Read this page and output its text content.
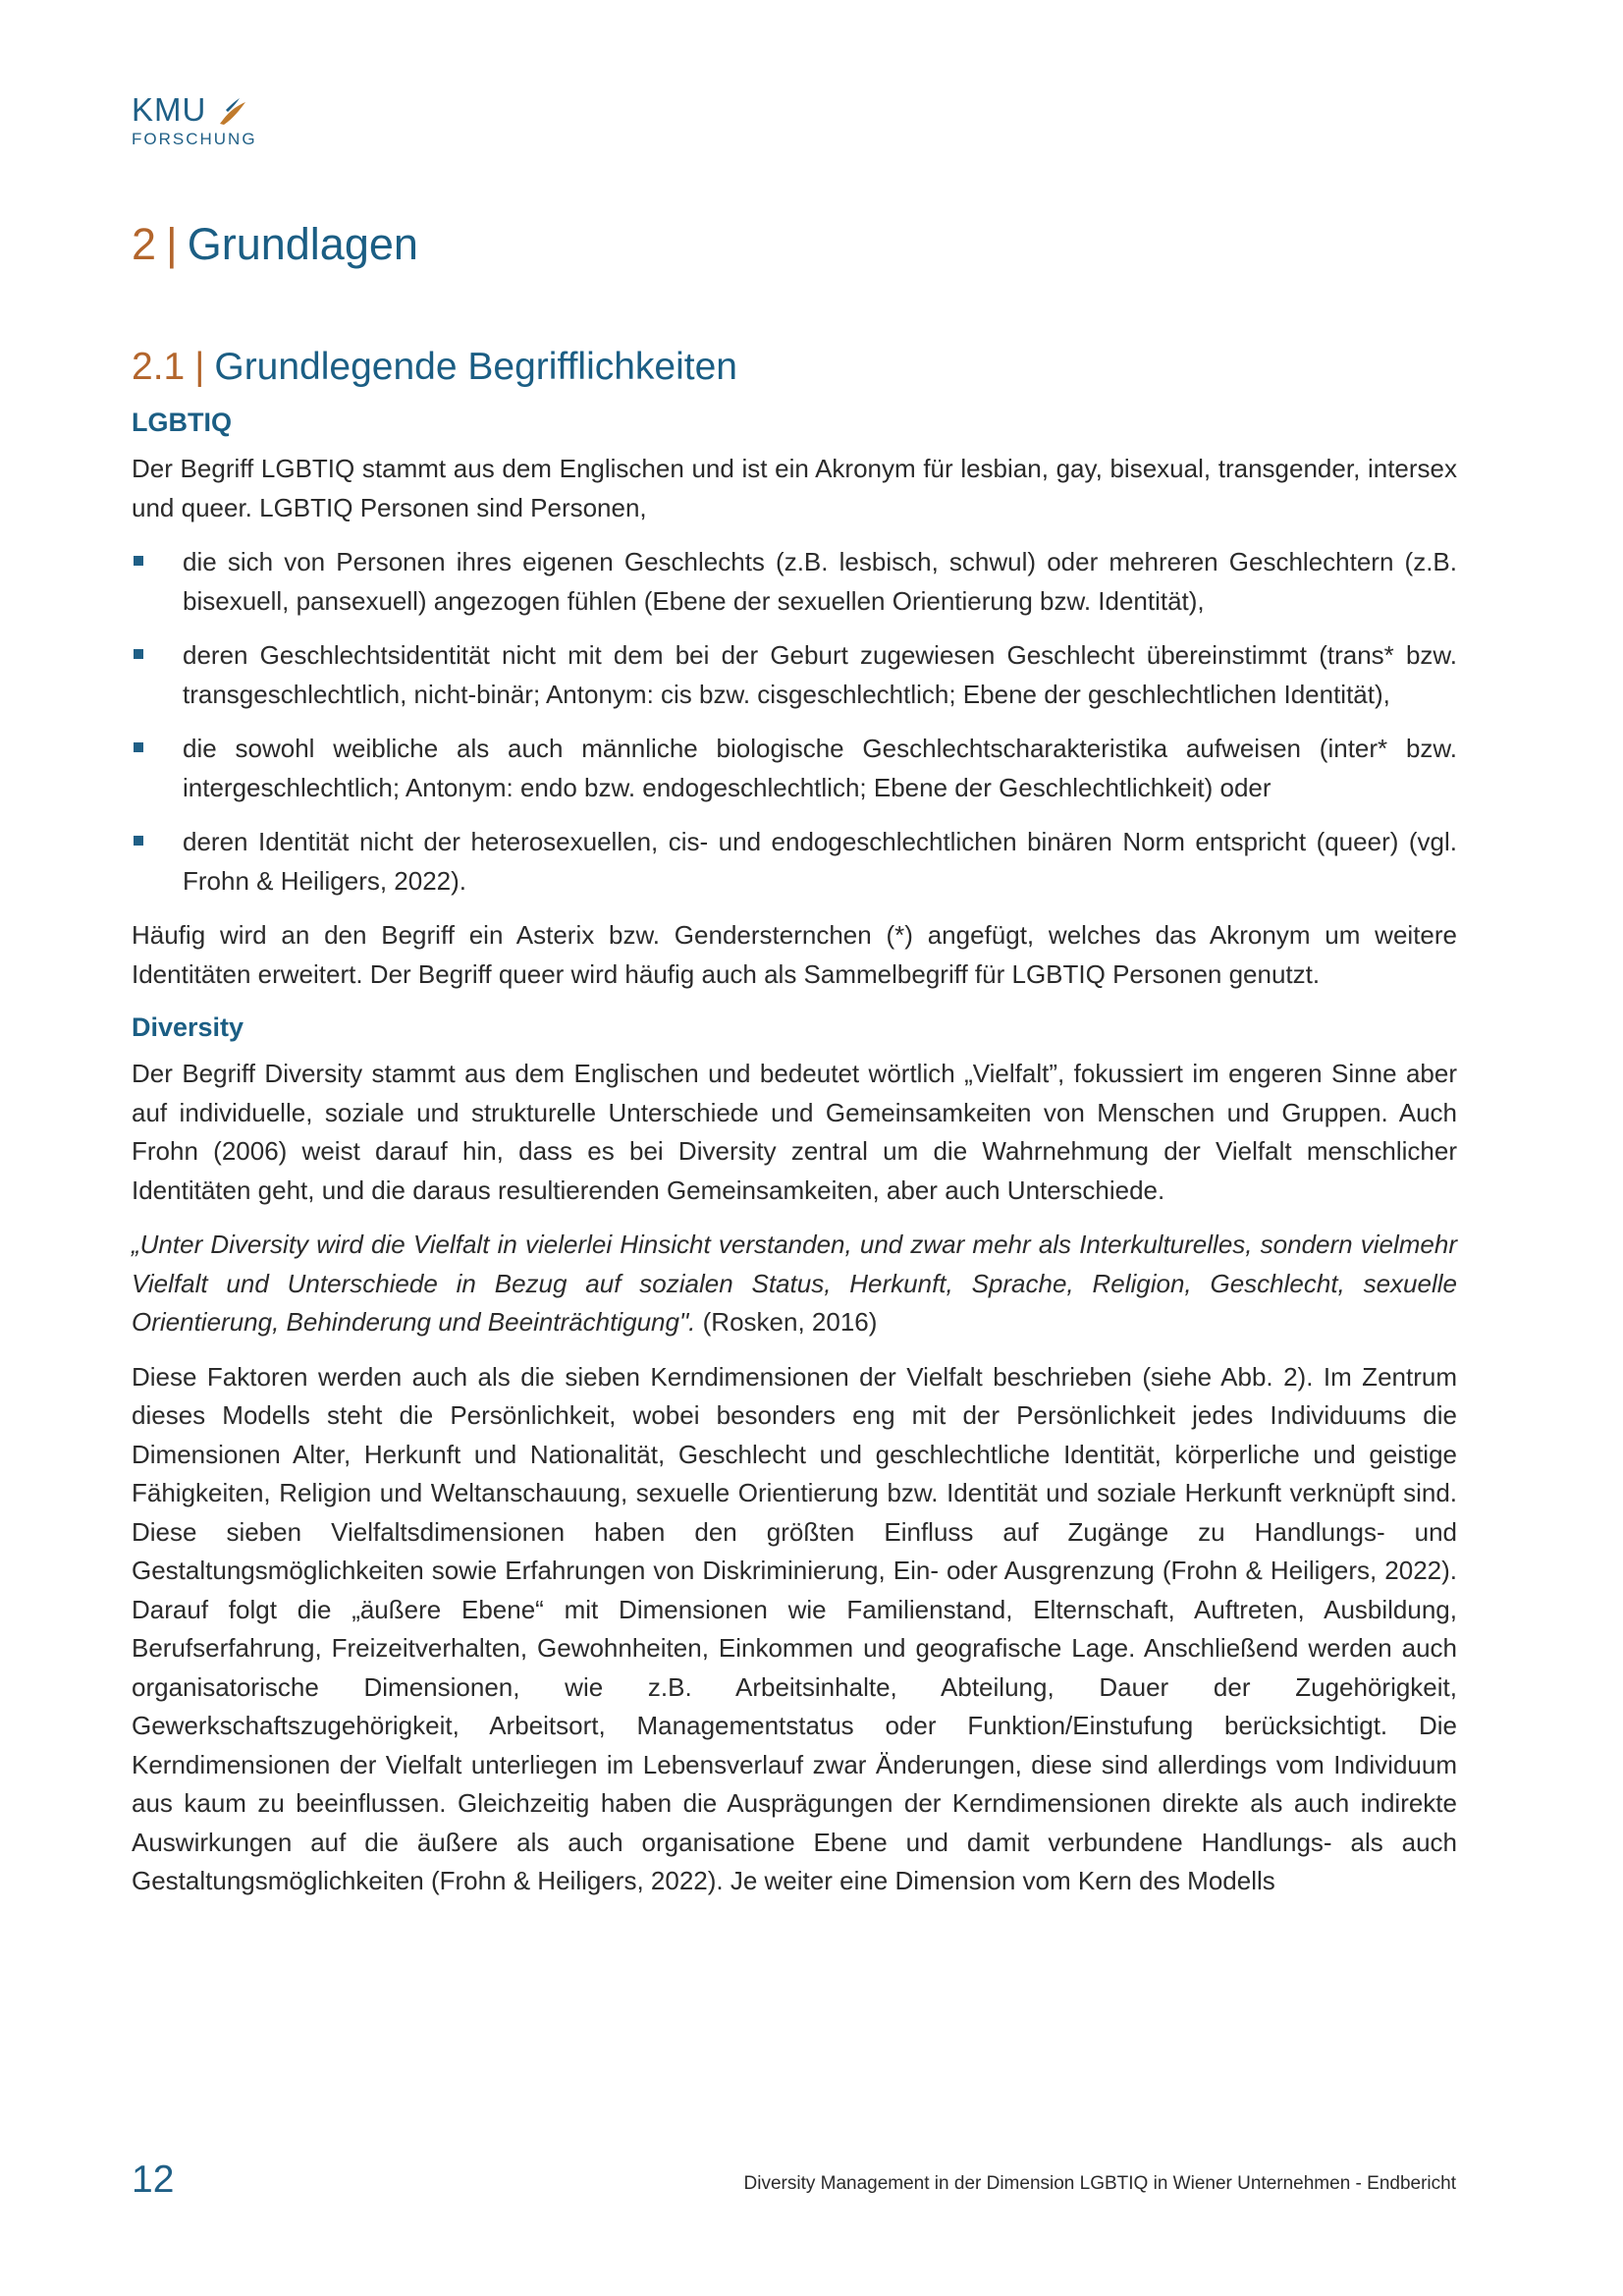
KMU
FORSCHUNG
2 | Grundlagen
2.1 | Grundlegende Begrifflichkeiten
LGBTIQ

Der Begriff LGBTIQ stammt aus dem Englischen und ist ein Akronym für lesbian, gay, bisexual, transgender, intersex und queer. LGBTIQ Personen sind Personen,

die sich von Personen ihres eigenen Geschlechts (z.B. lesbisch, schwul) oder mehreren Geschlechtern (z.B. bisexuell, pansexuell) angezogen fühlen (Ebene der sexuellen Orientierung bzw. Identität),
deren Geschlechtsidentität nicht mit dem bei der Geburt zugewiesen Geschlecht übereinstimmt (trans* bzw. transgeschlechtlich, nicht-binär; Antonym: cis bzw. cisgeschlechtlich; Ebene der geschlechtlichen Identität),
die sowohl weibliche als auch männliche biologische Geschlechtscharakteristika aufweisen (inter* bzw. intergeschlechtlich; Antonym: endo bzw. endogeschlechtlich; Ebene der Geschlechtlichkeit) oder
deren Identität nicht der heterosexuellen, cis- und endogeschlechtlichen binären Norm entspricht (queer) (vgl. Frohn & Heiligers, 2022).

Häufig wird an den Begriff ein Asterix bzw. Gendersternchen (*) angefügt, welches das Akronym um weitere Identitäten erweitert. Der Begriff queer wird häufig auch als Sammelbegriff für LGBTIQ Personen genutzt.

Diversity

Der Begriff Diversity stammt aus dem Englischen und bedeutet wörtlich „Vielfalt”, fokussiert im engeren Sinne aber auf individuelle, soziale und strukturelle Unterschiede und Gemeinsamkeiten von Menschen und Gruppen. Auch Frohn (2006) weist darauf hin, dass es bei Diversity zentral um die Wahrnehmung der Vielfalt menschlicher Identitäten geht, und die daraus resultierenden Gemeinsamkeiten, aber auch Unterschiede.

„Unter Diversity wird die Vielfalt in vielerlei Hinsicht verstanden, und zwar mehr als Interkulturelles, sondern vielmehr Vielfalt und Unterschiede in Bezug auf sozialen Status, Herkunft, Sprache, Religion, Geschlecht, sexuelle Orientierung, Behinderung und Beeinträchtigung". (Rosken, 2016)

Diese Faktoren werden auch als die sieben Kerndimensionen der Vielfalt beschrieben (siehe Abb. 2). Im Zentrum dieses Modells steht die Persönlichkeit, wobei besonders eng mit der Persönlichkeit jedes Individuums die Dimensionen Alter, Herkunft und Nationalität, Geschlecht und geschlechtliche Identität, körperliche und geistige Fähigkeiten, Religion und Weltanschauung, sexuelle Orientierung bzw. Identität und soziale Herkunft verknüpft sind. Diese sieben Vielfaltsdimensionen haben den größten Einfluss auf Zugänge zu Handlungs- und Gestaltungsmöglichkeiten sowie Erfahrungen von Diskriminierung, Ein- oder Ausgrenzung (Frohn & Heiligers, 2022). Darauf folgt die „äußere Ebene“ mit Dimensionen wie Familienstand, Elternschaft, Auftreten, Ausbildung, Berufserfahrung, Freizeitverhalten, Gewohnheiten, Einkommen und geografische Lage. Anschließend werden auch organisatorische Dimensionen, wie z.B. Arbeitsinhalte, Abteilung, Dauer der Zugehörigkeit, Gewerkschaftszugehörigkeit, Arbeitsort, Managementstatus oder Funktion/Einstufung berücksichtigt. Die Kerndimensionen der Vielfalt unterliegen im Lebensverlauf zwar Änderungen, diese sind allerdings vom Individuum aus kaum zu beeinflussen. Gleichzeitig haben die Ausprägungen der Kerndimensionen direkte als auch indirekte Auswirkungen auf die äußere als auch organisatione Ebene und damit verbundene Handlungs- als auch Gestaltungsmöglichkeiten (Frohn & Heiligers, 2022). Je weiter eine Dimension vom Kern des Modells

12	Diversity Management in der Dimension LGBTIQ in Wiener Unternehmen - Endbericht
